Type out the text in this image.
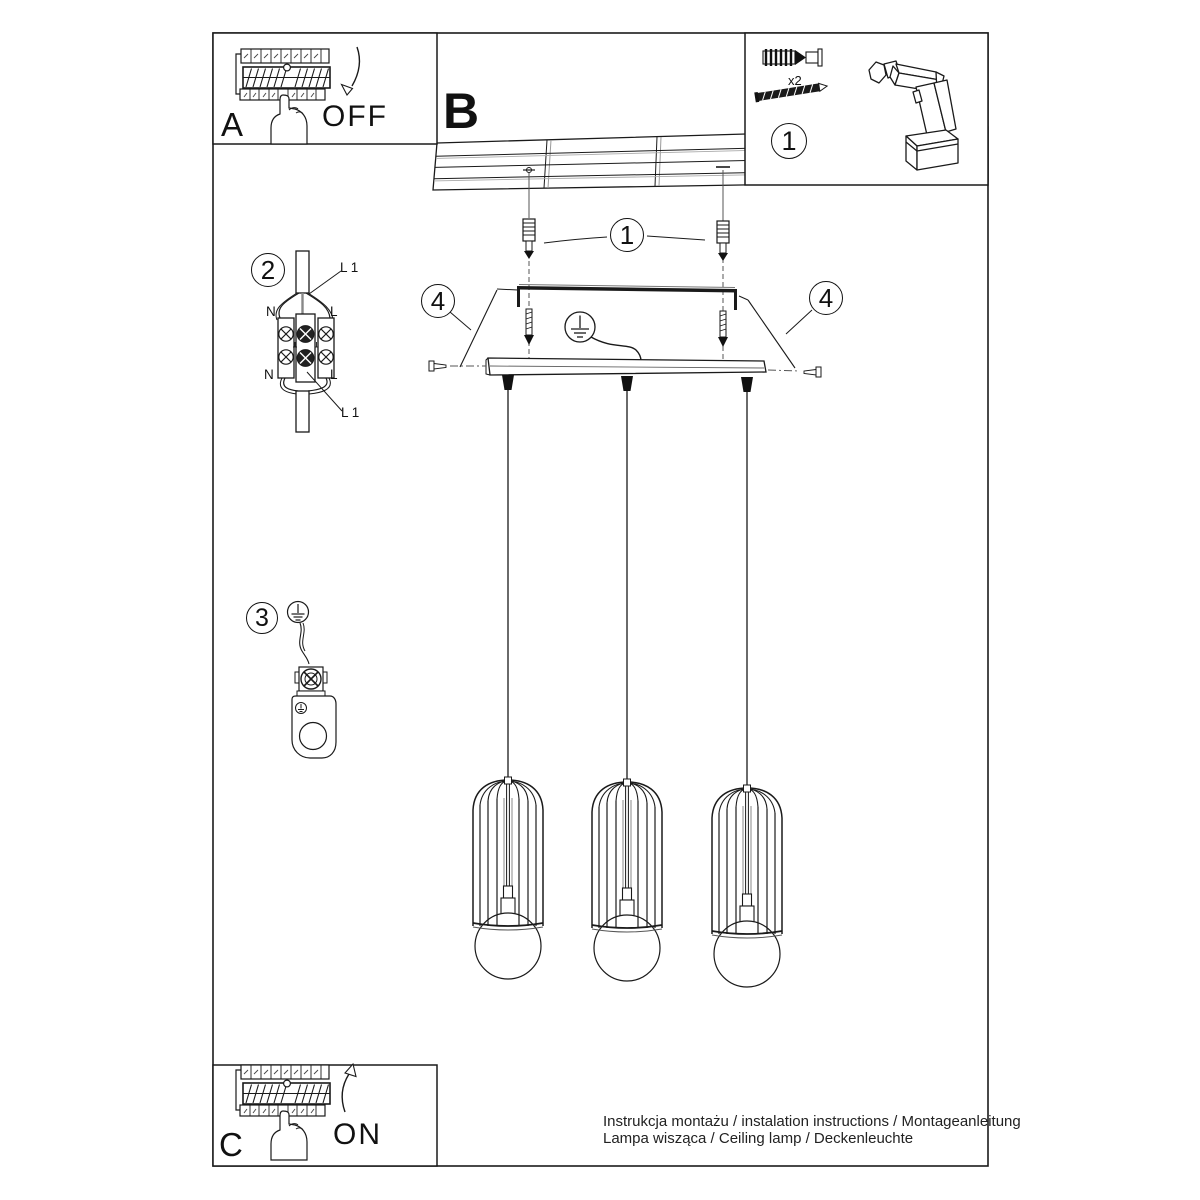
B
A	OFF
C	ON
x2
1
1
2
3
4	4
N	L
N	L
L 1
L 1
Instrukcja montażu / instalation instructions / Montageanleitung
Lampa wisząca / Ceiling lamp / Deckenleuchte
